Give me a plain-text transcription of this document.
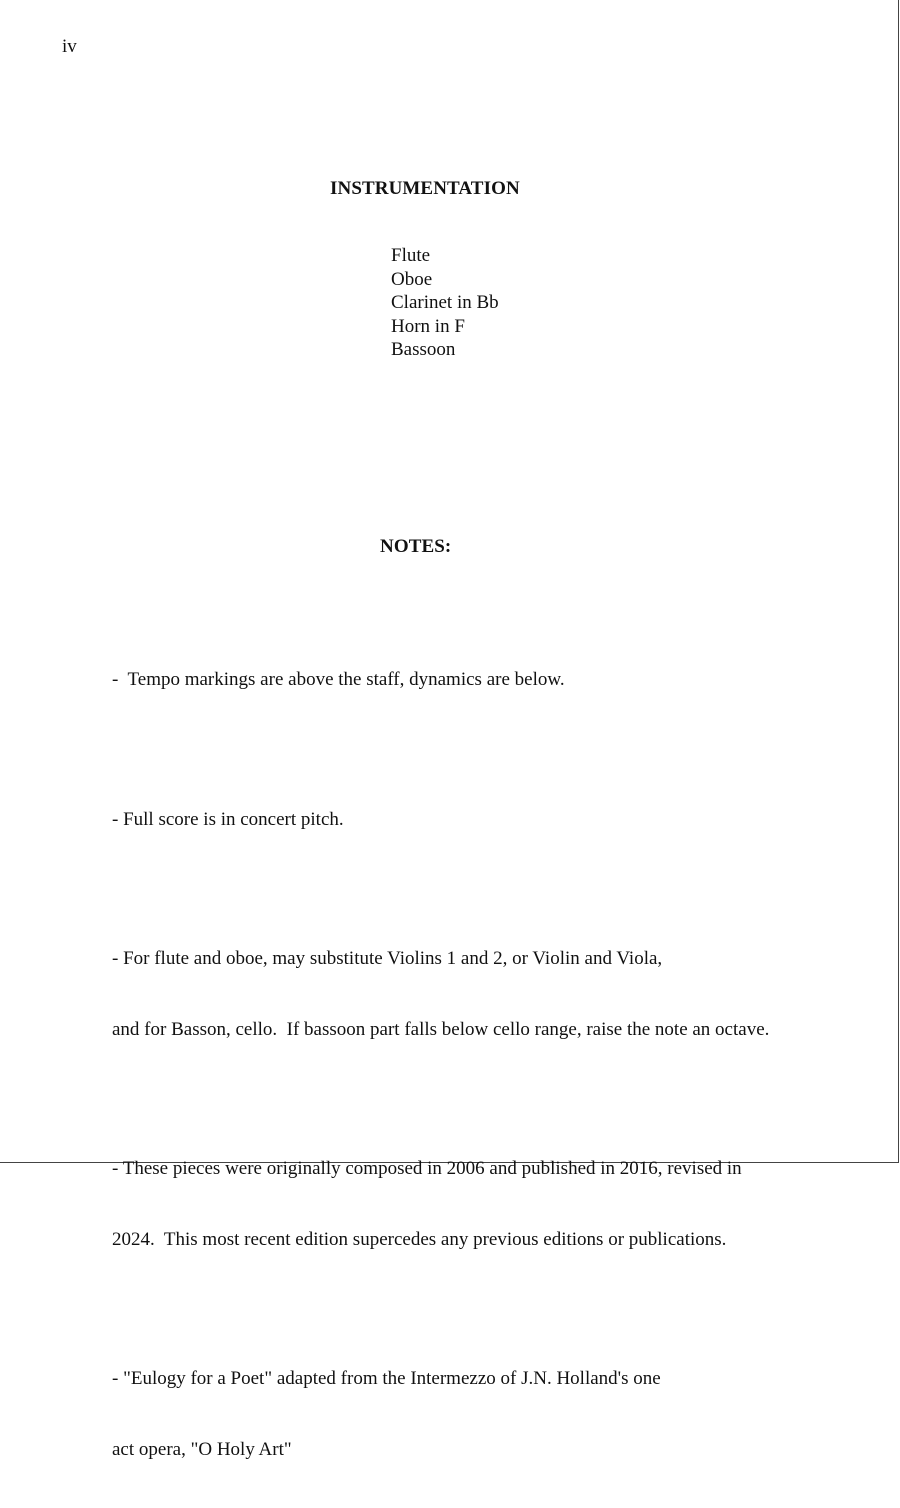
iv
INSTRUMENTATION
Flute
Oboe
Clarinet in Bb
Horn in F
Bassoon
NOTES:

-  Tempo markings are above the staff, dynamics are below.

- Full score is in concert pitch.

- For flute and oboe, may substitute Violins 1 and 2, or Violin and Viola,

and for Basson, cello.  If bassoon part falls below cello range, raise the note an octave.

- These pieces were originally composed in 2006 and published in 2016, revised in

2024.  This most recent edition supercedes any previous editions or publications.

- "Eulogy for a Poet" adapted from the Intermezzo of J.N. Holland's one

act opera, "O Holy Art"
